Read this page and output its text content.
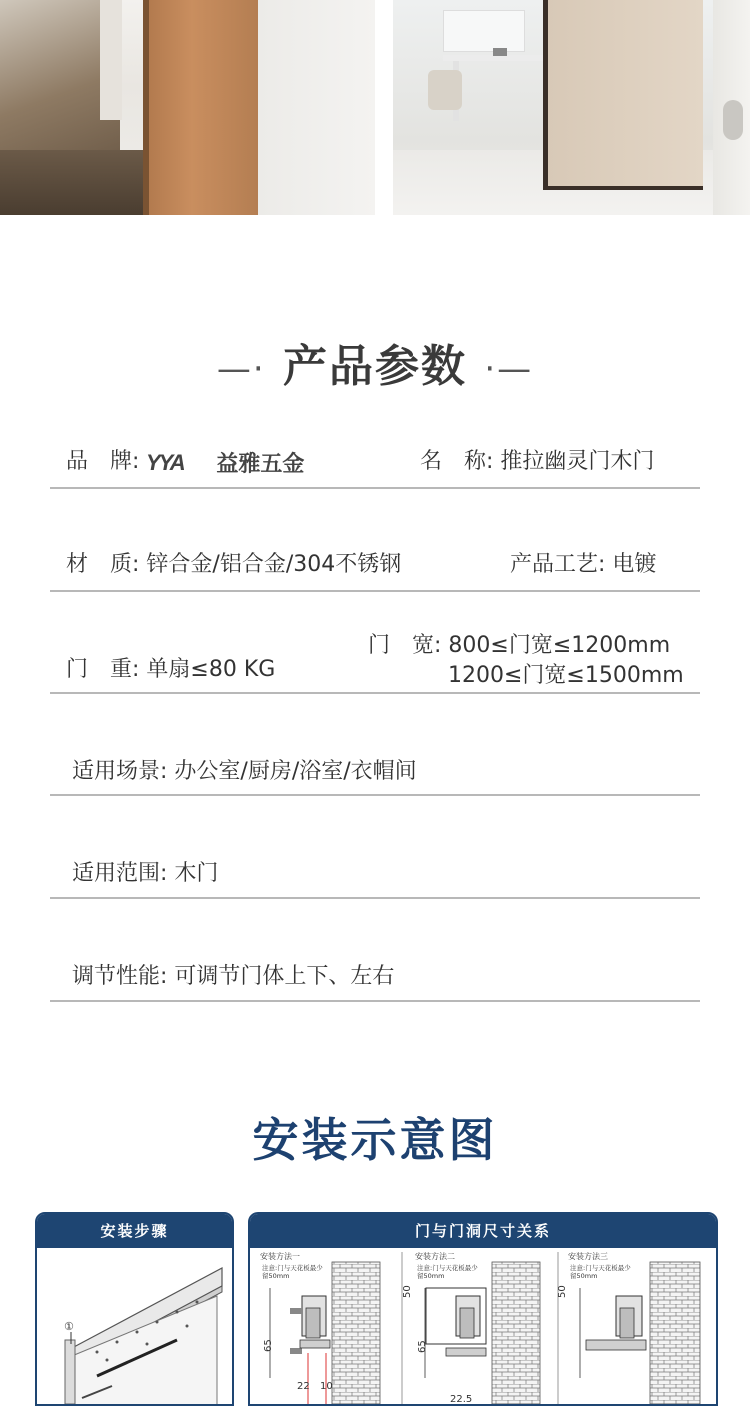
—· 产品参数 ·—
品　牌: YYA 益雅五金	名　称: 推拉幽灵门木门
材　质: 锌合金/铝合金/304不锈钢	产品工艺: 电镀
门　重: 单扇≤80 KG
门　宽: 800≤门宽≤1200mm
1200≤门宽≤1500mm
适用场景: 办公室/厨房/浴室/衣帽间
适用范围: 木门
调节性能: 可调节门体上下、左右
安装示意图
安装步骤
①
门与门洞尺寸关系
安装方法一
注意:门与天花板最少
留50mm
65
22 10
安装方法二
注意:门与天花板最少
留50mm
50
65
22.5
安装方法三
注意:门与天花板最少
留50mm
50
